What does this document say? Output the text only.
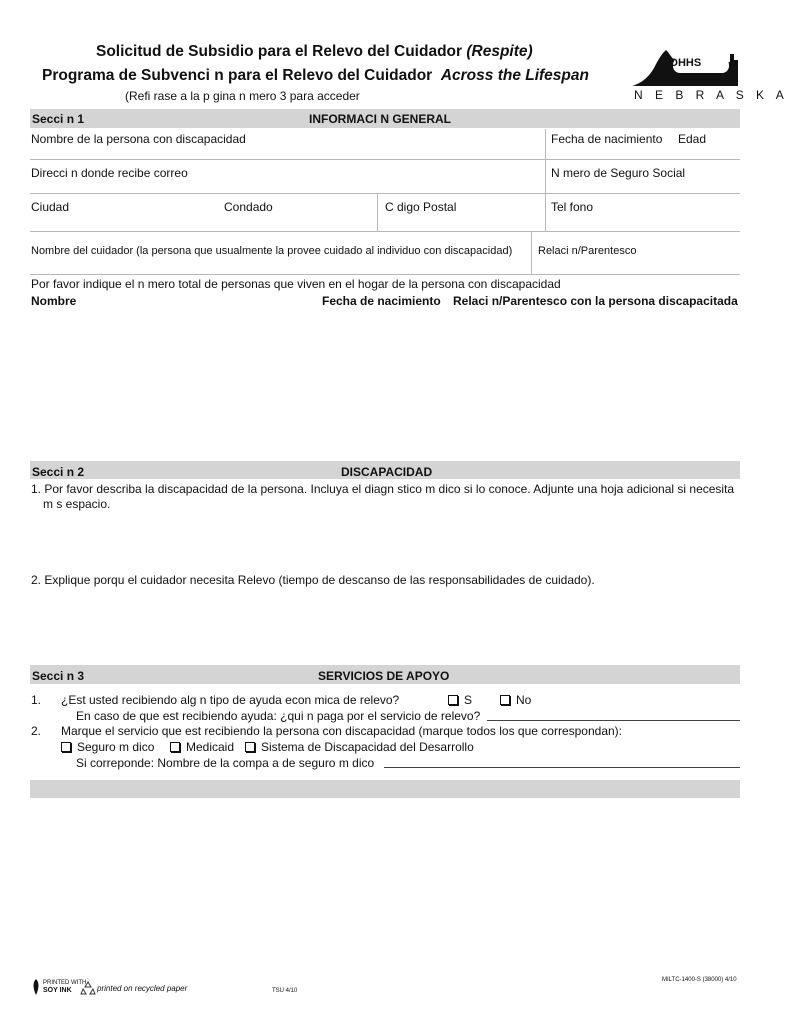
Solicitud de Subsidio para el Relevo del Cuidador (Respite)
Programa de Subvenci n para el Relevo del Cuidador Across the Lifespan
(Refi rase a la p gina n mero 3 para acceder
DHHS
N E B R A S K A
Secci n 1	INFORMACI N GENERAL
Nombre de la persona con discapacidad	Fecha de nacimiento Edad
Direcci n donde recibe correo	N mero de Seguro Social
Ciudad	Condado	C digo Postal	Tel fono
Nombre del cuidador (la persona que usualmente la provee cuidado al individuo con discapacidad) Relaci n/Parentesco
Por favor indique el n mero total de personas que viven en el hogar de la persona con discapacidad
Nombre	Fecha de nacimiento Relaci n/Parentesco con la persona discapacitada
Secci n 2	DISCAPACIDAD
1. Por favor describa la discapacidad de la persona. Incluya el diagn stico m dico si lo conoce. Adjunte una hoja adicional si necesita
m s espacio.
2. Explique porqu el cuidador necesita Relevo (tiempo de descanso de las responsabilidades de cuidado).
Secci n 3	SERVICIOS DE APOYO
1. ¿Est usted recibiendo alg n tipo de ayuda econ mica de relevo?	S	No
En caso de que est recibiendo ayuda: ¿qui n paga por el servicio de relevo?
2. Marque el servicio que est recibiendo la persona con discapacidad (marque todos los que correspondan):
Seguro m dico	Medicaid	Sistema de Discapacidad del Desarrollo
Si correponde: Nombre de la compa a de seguro m dico
PRINTED WITH
SOY INK	printed on recycled paper	TSU 4/10
MILTC-1400-S (38000) 4/10
